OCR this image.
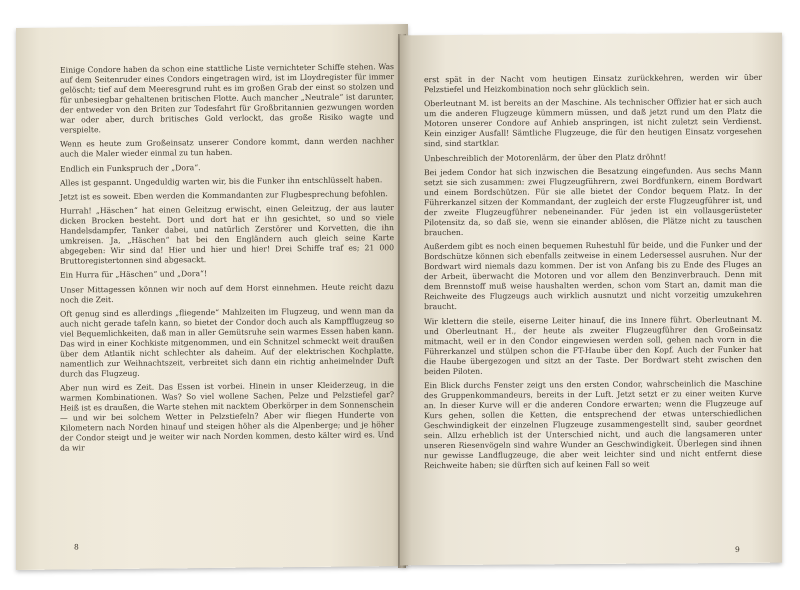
Einige Condore haben da schon eine stattliche Liste vernichteter Schiffe stehen. Was auf dem Seitenruder eines Condors eingetragen wird, ist im Lloydregister für immer gelöscht; tief auf dem Meeresgrund ruht es im großen Grab der einst so stolzen und für unbesiegbar gehaltenen britischen Flotte. Auch mancher „Neutrale“ ist darunter, der entweder von den Briten zur Todesfahrt für Großbritannien gezwungen worden war oder aber, durch britisches Gold verlockt, das große Risiko wagte und verspielte.

Wenn es heute zum Großeinsatz unserer Condore kommt, dann werden nachher auch die Maler wieder einmal zu tun haben.

Endlich ein Funkspruch der „Dora“.

Alles ist gespannt. Ungeduldig warten wir, bis die Funker ihn entschlüsselt haben.

Jetzt ist es soweit. Eben werden die Kommandanten zur Flugbesprechung befohlen.

Hurrah! „Häschen“ hat einen Geleitzug erwischt, einen Geleitzug, der aus lauter dicken Brocken besteht. Dort und dort hat er ihn gesichtet, so und so viele Handelsdampfer, Tanker dabei, und natürlich Zerstörer und Korvetten, die ihn umkreisen. Ja, „Häschen“ hat bei den Engländern auch gleich seine Karte abgegeben: Wir sind da! Hier und hier und hier! Drei Schiffe traf es; 21 000 Bruttoregistertonnen sind abgesackt.

Ein Hurra für „Häschen“ und „Dora“!

Unser Mittagessen können wir noch auf dem Horst einnehmen. Heute reicht dazu noch die Zeit.

Oft genug sind es allerdings „fliegende“ Mahlzeiten im Flugzeug, und wenn man da auch nicht gerade tafeln kann, so bietet der Condor doch auch als Kampfflugzeug so viel Bequemlichkeiten, daß man in aller Gemütsruhe sein warmes Essen haben kann. Das wird in einer Kochkiste mitgenommen, und ein Schnitzel schmeckt weit draußen über dem Atlantik nicht schlechter als daheim. Auf der elektrischen Kochplatte, namentlich zur Weihnachtszeit, verbreitet sich dann ein richtig anheimelnder Duft durch das Flugzeug.

Aber nun wird es Zeit. Das Essen ist vorbei. Hinein in unser Kleiderzeug, in die warmen Kombinationen. Was? So viel wollene Sachen, Pelze und Pelzstiefel gar? Heiß ist es draußen, die Warte stehen mit nacktem Oberkörper in dem Sonnenschein — und wir bei solchem Wetter in Pelzstiefeln? Aber wir fliegen Hunderte von Kilometern nach Norden hinauf und steigen höher als die Alpenberge; und je höher der Condor steigt und je weiter wir nach Norden kommen, desto kälter wird es. Und da wir

8

erst spät in der Nacht vom heutigen Einsatz zurückkehren, werden wir über Pelzstiefel und Heizkombination noch sehr glücklich sein.

Oberleutnant M. ist bereits an der Maschine. Als technischer Offizier hat er sich auch um die anderen Flugzeuge kümmern müssen, und daß jetzt rund um den Platz die Motoren unserer Condore auf Anhieb anspringen, ist nicht zuletzt sein Verdienst. Kein einziger Ausfall! Sämtliche Flugzeuge, die für den heutigen Einsatz vorgesehen sind, sind startklar.

Unbeschreiblich der Motorenlärm, der über den Platz dröhnt!

Bei jedem Condor hat sich inzwischen die Besatzung eingefunden. Aus sechs Mann setzt sie sich zusammen: zwei Flugzeugführern, zwei Bordfunkern, einem Bordwart und einem Bordschützen. Für sie alle bietet der Condor bequem Platz. In der Führerkanzel sitzen der Kommandant, der zugleich der erste Flugzeugführer ist, und der zweite Flugzeugführer nebeneinander. Für jeden ist ein vollausgerüsteter Pilotensitz da, so daß sie, wenn sie einander ablösen, die Plätze nicht zu tauschen brauchen.

Außerdem gibt es noch einen bequemen Ruhestuhl für beide, und die Funker und der Bordschütze können sich ebenfalls zeitweise in einem Ledersessel ausruhen. Nur der Bordwart wird niemals dazu kommen. Der ist von Anfang bis zu Ende des Fluges an der Arbeit, überwacht die Motoren und vor allem den Benzinverbrauch. Denn mit dem Brennstoff muß weise haushalten werden, schon vom Start an, damit man die Reichweite des Flugzeugs auch wirklich ausnutzt und nicht vorzeitig umzukehren braucht.

Wir klettern die steile, eiserne Leiter hinauf, die ins Innere führt. Oberleutnant M. und Oberleutnant H., der heute als zweiter Flugzeugführer den Großeinsatz mitmacht, weil er in den Condor eingewiesen werden soll, gehen nach vorn in die Führerkanzel und stülpen schon die FT-Haube über den Kopf. Auch der Funker hat die Haube übergezogen und sitzt an der Taste. Der Bordwart steht zwischen den beiden Piloten.

Ein Blick durchs Fenster zeigt uns den ersten Condor, wahrscheinlich die Maschine des Gruppenkommandeurs, bereits in der Luft. Jetzt setzt er zu einer weiten Kurve an. In dieser Kurve will er die anderen Condore erwarten; wenn die Flugzeuge auf Kurs gehen, sollen die Ketten, die entsprechend der etwas unterschiedlichen Geschwindigkeit der einzelnen Flugzeuge zusammengestellt sind, sauber geordnet sein. Allzu erheblich ist der Unterschied nicht, und auch die langsameren unter unseren Riesenvögeln sind wahre Wunder an Geschwindigkeit. Überlegen sind ihnen nur gewisse Landflugzeuge, die aber weit leichter sind und nicht entfernt diese Reichweite haben; sie dürften sich auf keinen Fall so weit

9
